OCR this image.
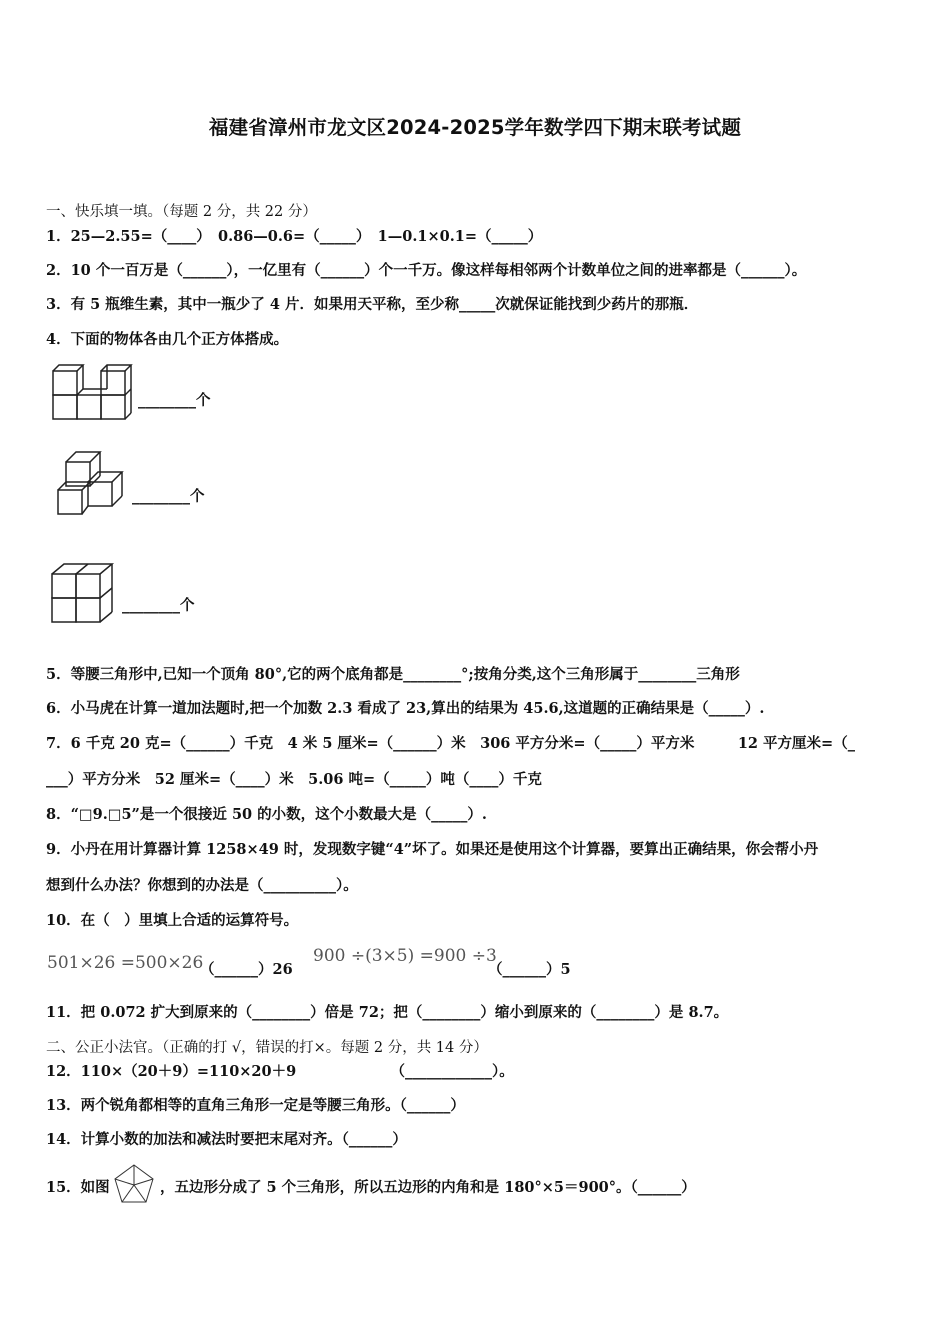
福建省漳州市龙文区2024-2025学年数学四下期末联考试题
一、快乐填一填。（每题 2 分，共 22 分）
1．25—2.55=（____）　0.86—0.6=（_____）　1—0.1×0.1=（_____）
2．10 个一百万是（______），一亿里有（______）个一千万。像这样每相邻两个计数单位之间的进率都是（______）。
3．有 5 瓶维生素，其中一瓶少了 4 片．如果用天平称，至少称_____次就保证能找到少药片的那瓶．
4．下面的物体各由几个正方体搭成。
________个
________个
________个
5．等腰三角形中,已知一个顶角 80°,它的两个底角都是________°;按角分类,这个三角形属于________三角形
6．小马虎在计算一道加法题时,把一个加数 2.3 看成了 23,算出的结果为 45.6,这道题的正确结果是（_____）.
7．6 千克 20 克=（______）千克　4 米 5 厘米=（______）米　306 平方分米=（_____）平方米　　　12 平方厘米=（_
___）平方分米　52 厘米=（____）米　5.06 吨=（_____）吨（____）千克
8．“□9.□5”是一个很接近 50 的小数，这个小数最大是（_____）.
9．小丹在用计算器计算 1258×49 时，发现数字键“4”坏了。如果还是使用这个计算器，要算出正确结果，你会帮小丹
想到什么办法？你想到的办法是（__________）。
10．在（　）里填上合适的运算符号。
501×26 =500×26
（______）26
900 ÷(3×5) =900 ÷3
（______）5
11．把 0.072 扩大到原来的（________）倍是 72；把（________）缩小到原来的（________）是 8.7。
二、公正小法官。（正确的打 √，错误的打×。每题 2 分，共 14 分）
12．110×（20＋9）=110×20＋9　　　　　　　（____________）。
13．两个锐角都相等的直角三角形一定是等腰三角形。（______）
14．计算小数的加法和减法时要把末尾对齐。（______）
15．如图	，五边形分成了 5 个三角形，所以五边形的内角和是 180°×5＝900°。（______）
